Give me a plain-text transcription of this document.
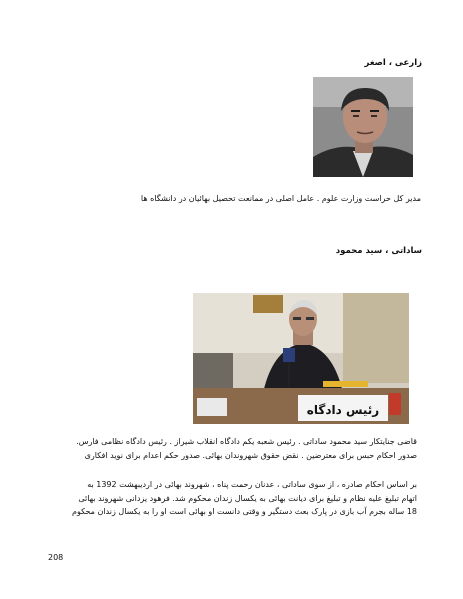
زارعی ، اصغر
مدیر کل حراست وزارت علوم . عامل اصلی در ممانعت تحصیل بهائیان در دانشگاه ها
ساداتی ، سید محمود
رئیس دادگاه
قاضی جنایتکار سید محمود ساداتی . رئیس شعبه یکم دادگاه انقلاب شیراز . رئیس دادگاه نظامی فارس.
صدور احکام حبس برای معترضین . نقض حقوق شهروندان بهائی. صدور حکم اعدام برای نوید افکاری
بر اساس احکام صادره ، از سوی ساداتی ، عدنان رحمت پناه ، شهروند بهائی در اردیبهشت 1392 به
اتهام تبلیغ علیه نظام و تبلیغ برای دیانت بهائی به یکسال زندان محکوم شد. فرهود یزدانی شهروند بهائی
18 ساله بجرم آب بازی در پارک بعث دستگیر و وقتی دانست او بهائی است او را به یکسال زندان محکوم
208
